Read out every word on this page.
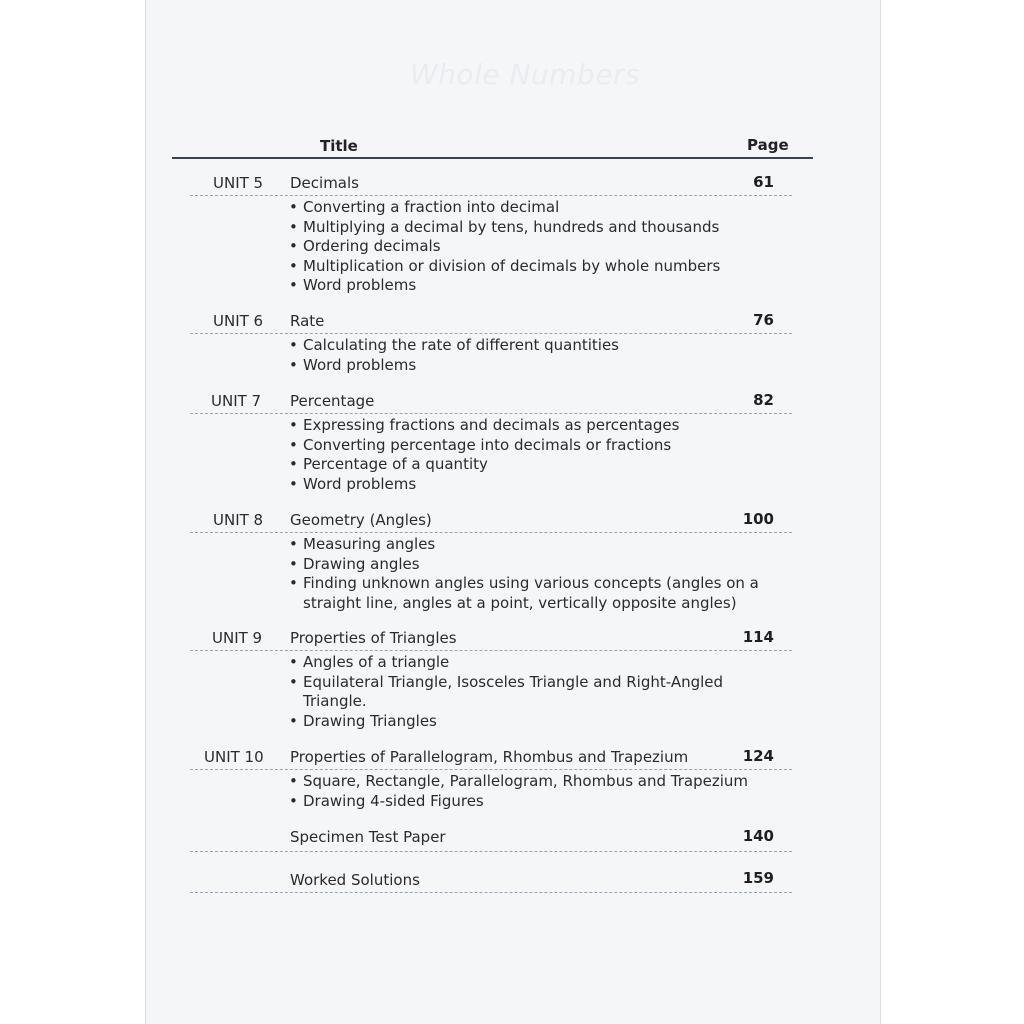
Whole Numbers
Title	Page
UNIT 5 Decimals	61
• Converting a fraction into decimal
• Multiplying a decimal by tens, hundreds and thousands
• Ordering decimals
• Multiplication or division of decimals by whole numbers
• Word problems
UNIT 6 Rate	76
• Calculating the rate of different quantities
• Word problems
UNIT 7 Percentage	82
• Expressing fractions and decimals as percentages
• Converting percentage into decimals or fractions
• Percentage of a quantity
• Word problems
UNIT 8 Geometry (Angles)	100
• Measuring angles
• Drawing angles
• Finding unknown angles using various concepts (angles on a straight line, angles at a point, vertically opposite angles)
UNIT 9 Properties of Triangles	114
• Angles of a triangle
• Equilateral Triangle, Isosceles Triangle and Right-Angled Triangle.
• Drawing Triangles
UNIT 10 Properties of Parallelogram, Rhombus and Trapezium	124
• Square, Rectangle, Parallelogram, Rhombus and Trapezium
• Drawing 4-sided Figures
Specimen Test Paper	140
Worked Solutions	159
